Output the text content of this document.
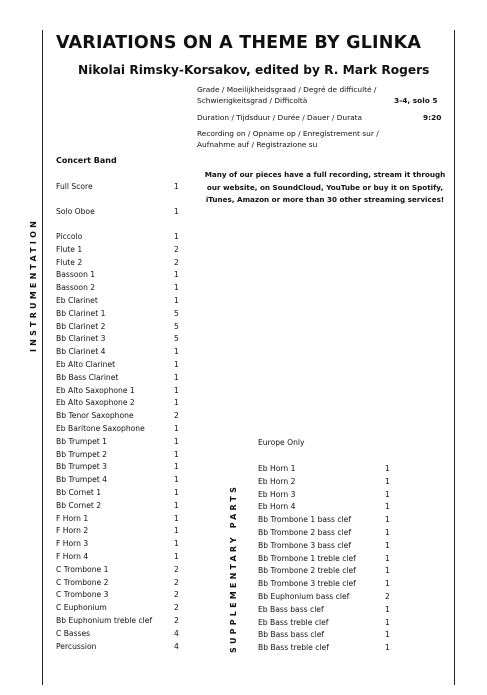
VARIATIONS ON A THEME BY GLINKA
Nikolai Rimsky-Korsakov, edited by R. Mark Rogers
Grade / Moeilijkheidsgraad / Degré de difficulté /
Schwierigkeitsgrad / Difficoltà	3-4, solo 5
Duration / Tijdsduur / Durée / Dauer / Durata	9:20
Recording on / Opname op / Enregistrement sur /
Aufnahme auf / Registrazione su
INSTRUMENTATION
SUPPLEMENTARY PARTS
Concert Band
Many of our pieces have a full recording, stream it through
our website, on SoundCloud, YouTube or buy it on Spotify,
iTunes, Amazon or more than 30 other streaming services!
Full Score	1
Solo Oboe	1
Piccolo	1
Flute 1	2
Flute 2	2
Bassoon 1	1
Bassoon 2	1
Eb Clarinet	1
Bb Clarinet 1	5
Bb Clarinet 2	5
Bb Clarinet 3	5
Bb Clarinet 4	1
Eb Alto Clarinet	1
Bb Bass Clarinet	1
Eb Alto Saxophone 1	1
Eb Alto Saxophone 2	1
Bb Tenor Saxophone	2
Eb Baritone Saxophone	1
Bb Trumpet 1	1
Bb Trumpet 2	1
Bb Trumpet 3	1
Bb Trumpet 4	1
Bb Cornet 1	1
Bb Cornet 2	1
F Horn 1	1
F Horn 2	1
F Horn 3	1
F Horn 4	1
C Trombone 1	2
C Trombone 2	2
C Trombone 3	2
C Euphonium	2
Bb Euphonium treble clef	2
C Basses	4
Percussion	4
Europe Only
Eb Horn 1	1
Eb Horn 2	1
Eb Horn 3	1
Eb Horn 4	1
Bb Trombone 1 bass clef	1
Bb Trombone 2 bass clef	1
Bb Trombone 3 bass clef	1
Bb Trombone 1 treble clef	1
Bb Trombone 2 treble clef	1
Bb Trombone 3 treble clef	1
Bb Euphonium bass clef	2
Eb Bass bass clef	1
Eb Bass treble clef	1
Bb Bass bass clef	1
Bb Bass treble clef	1
